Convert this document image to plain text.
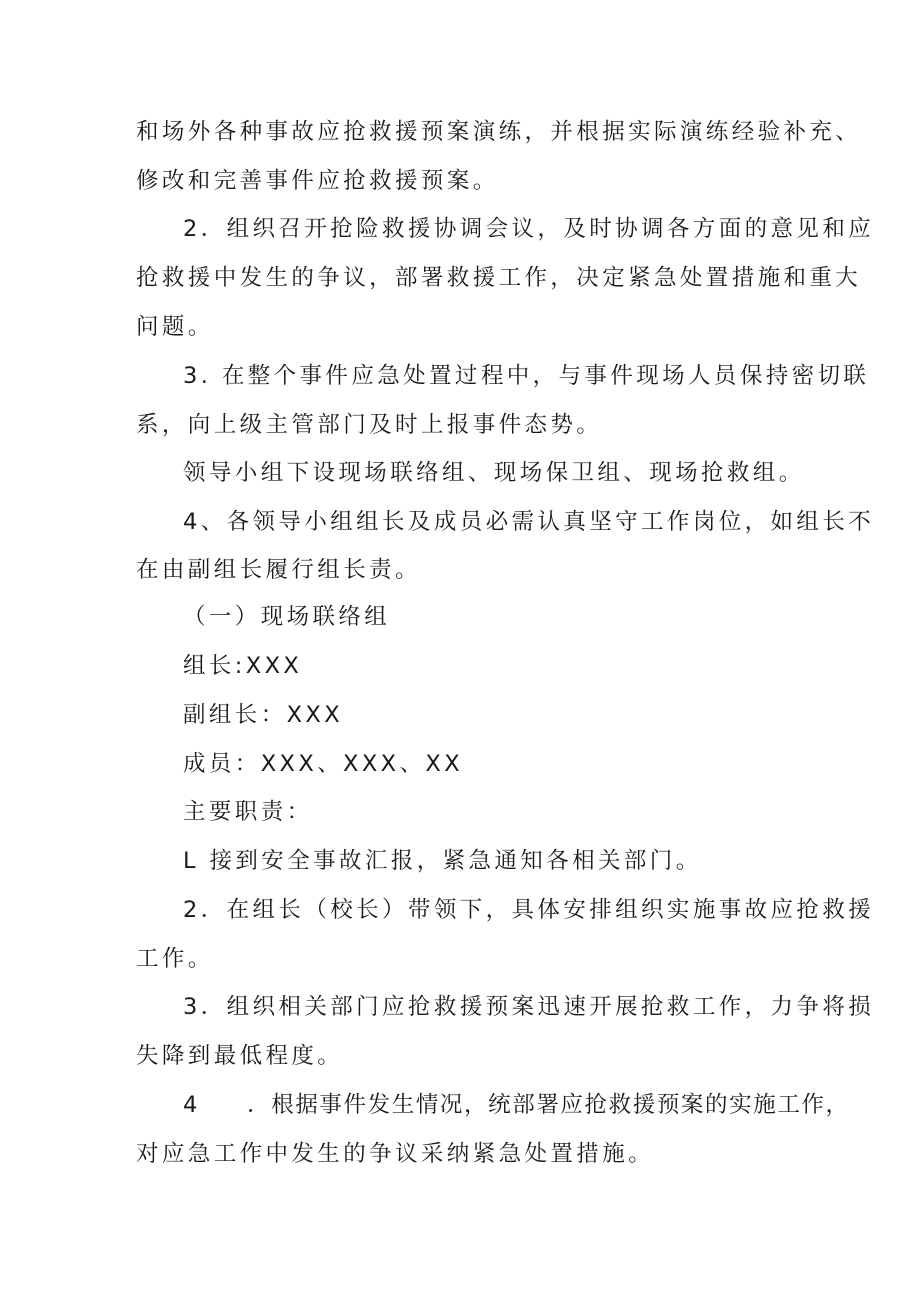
和场外各种事故应抢救援预案演练，并根据实际演练经验补充、
修改和完善事件应抢救援预案。
2．组织召开抢险救援协调会议，及时协调各方面的意见和应
抢救援中发生的争议，部署救援工作，决定紧急处置措施和重大
问题。
3. 在整个事件应急处置过程中，与事件现场人员保持密切联
系，向上级主管部门及时上报事件态势。
领导小组下设现场联络组、现场保卫组、现场抢救组。
4、各领导小组组长及成员必需认真坚守工作岗位，如组长不
在由副组长履行组长责。
（一）现场联络组
组长:XXX
副组长：XXX
成员：XXX、XXX、XX
主要职责：
L 接到安全事故汇报，紧急通知各相关部门。
2．在组长（校长）带领下，具体安排组织实施事故应抢救援
工作。
3．组织相关部门应抢救援预案迅速开展抢救工作，力争将损
失降到最低程度。
4　　．根据事件发生情况，统部署应抢救援预案的实施工作，
对应急工作中发生的争议采纳紧急处置措施。
